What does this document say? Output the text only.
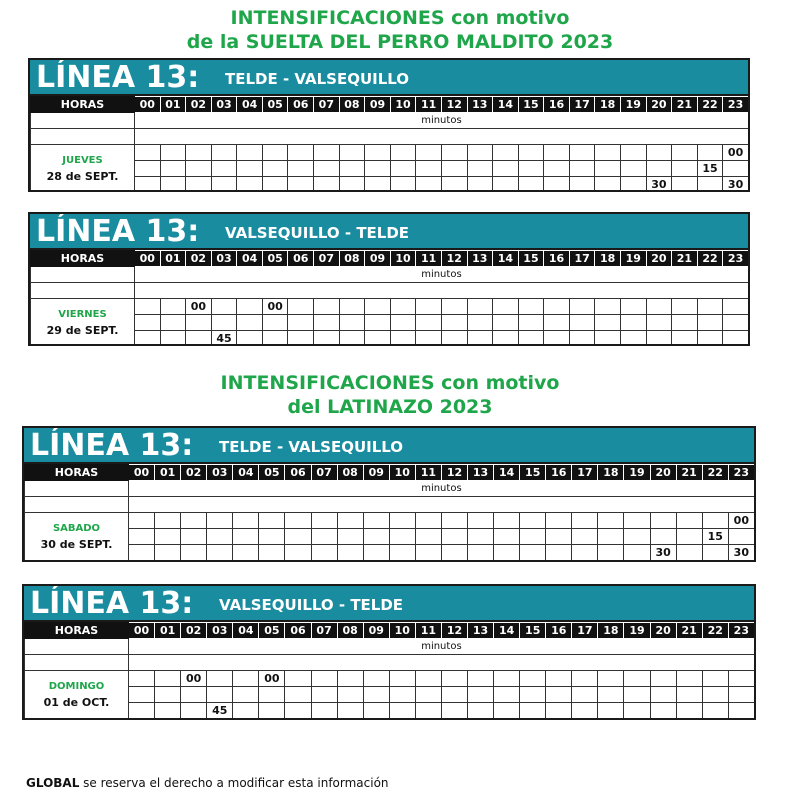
INTENSIFICACIONES con motivo
de la SUELTA DEL PERRO MALDITO 2023
LÍNEA 13: TELDE - VALSEQUILLO
HORAS	00	01	02	03	04	05	06	07	08	09	10	11	12	13	14	15	16	17	18	19	20	21	22	23
	minutos																							

JUEVES
28 de SEPT.																								00
																							15	
																					30			30
LÍNEA 13: VALSEQUILLO - TELDE
HORAS	00	01	02	03	04	05	06	07	08	09	10	11	12	13	14	15	16	17	18	19	20	21	22	23
	minutos																							

VIERNES
29 de SEPT.			00			00																		

				45																				
INTENSIFICACIONES con motivo
del LATINAZO 2023
LÍNEA 13: TELDE - VALSEQUILLO
HORAS	00	01	02	03	04	05	06	07	08	09	10	11	12	13	14	15	16	17	18	19	20	21	22	23
	minutos																							

SABADO
30 de SEPT.																								00
																							15	
																					30			30
LÍNEA 13: VALSEQUILLO - TELDE
HORAS	00	01	02	03	04	05	06	07	08	09	10	11	12	13	14	15	16	17	18	19	20	21	22	23
	minutos																							

DOMINGO
01 de OCT.			00			00																		

				45																				
GLOBAL se reserva el derecho a modificar esta información
